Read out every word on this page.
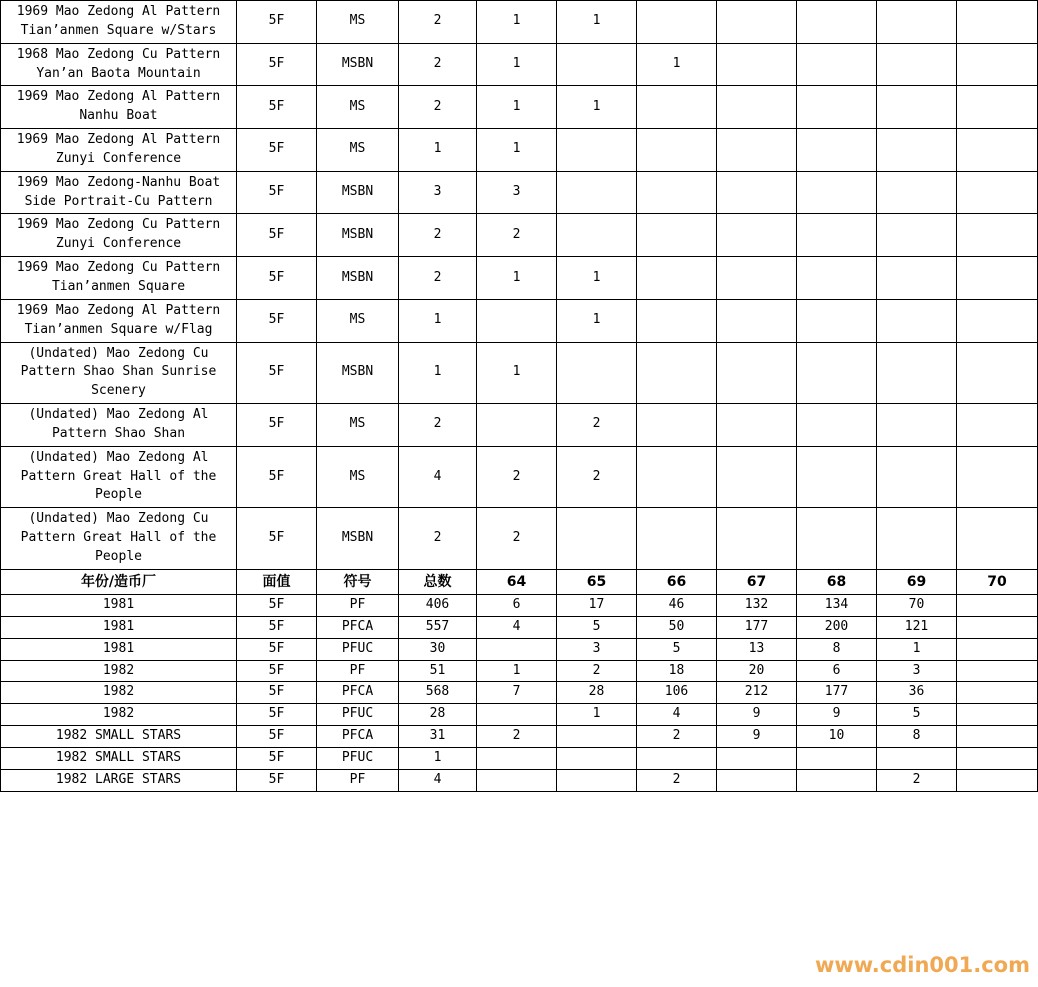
1969 Mao Zedong Al Pattern Tian’anmen Square w/Stars	5F	MS	2	1	1					
1968 Mao Zedong Cu Pattern Yan’an Baota Mountain	5F	MSBN	2	1		1				
1969 Mao Zedong Al Pattern Nanhu Boat	5F	MS	2	1	1					
1969 Mao Zedong Al Pattern Zunyi Conference	5F	MS	1	1						
1969 Mao Zedong-Nanhu Boat Side Portrait-Cu Pattern	5F	MSBN	3	3						
1969 Mao Zedong Cu Pattern Zunyi Conference	5F	MSBN	2	2						
1969 Mao Zedong Cu Pattern Tian’anmen Square	5F	MSBN	2	1	1					
1969 Mao Zedong Al Pattern Tian’anmen Square w/Flag	5F	MS	1		1					
(Undated) Mao Zedong Cu Pattern Shao Shan Sunrise Scenery	5F	MSBN	1	1						
(Undated) Mao Zedong Al Pattern Shao Shan	5F	MS	2		2					
(Undated) Mao Zedong Al Pattern Great Hall of the People	5F	MS	4	2	2					
(Undated) Mao Zedong Cu Pattern Great Hall of the People	5F	MSBN	2	2						
年份/造币厂	面值	符号	总数	64	65	66	67	68	69	70
1981	5F	PF	406	6	17	46	132	134	70	
1981	5F	PFCA	557	4	5	50	177	200	121	
1981	5F	PFUC	30		3	5	13	8	1	
1982	5F	PF	51	1	2	18	20	6	3	
1982	5F	PFCA	568	7	28	106	212	177	36	
1982	5F	PFUC	28		1	4	9	9	5	
1982 SMALL STARS	5F	PFCA	31	2		2	9	10	8	
1982 SMALL STARS	5F	PFUC	1							
1982 LARGE STARS	5F	PF	4			2			2	
www.cdin001.com
